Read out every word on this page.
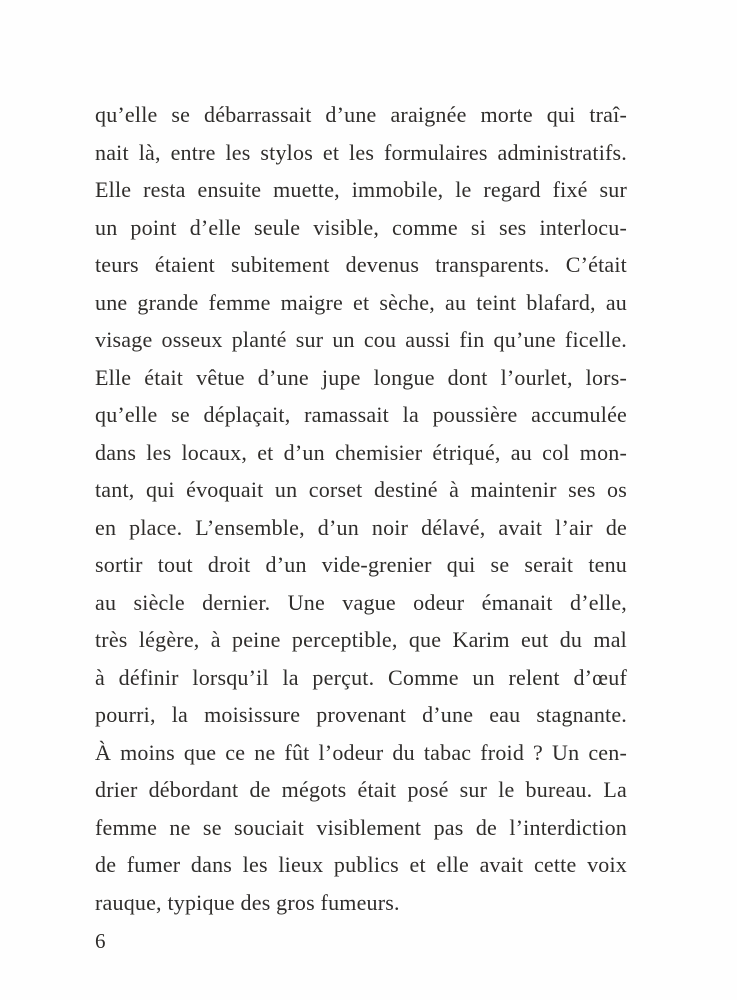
qu’elle se débarrassait d’une araignée morte qui traî-
nait là, entre les stylos et les formulaires administratifs.
Elle resta ensuite muette, immobile, le regard fixé sur
un point d’elle seule visible, comme si ses interlocu-
teurs étaient subitement devenus transparents. C’était
une grande femme maigre et sèche, au teint blafard, au
visage osseux planté sur un cou aussi fin qu’une ficelle.
Elle était vêtue d’une jupe longue dont l’ourlet, lors-
qu’elle se déplaçait, ramassait la poussière accumulée
dans les locaux, et d’un chemisier étriqué, au col mon-
tant, qui évoquait un corset destiné à maintenir ses os
en place. L’ensemble, d’un noir délavé, avait l’air de
sortir tout droit d’un vide-grenier qui se serait tenu
au siècle dernier. Une vague odeur émanait d’elle,
très légère, à peine perceptible, que Karim eut du mal
à définir lorsqu’il la perçut. Comme un relent d’œuf
pourri, la moisissure provenant d’une eau stagnante.
À moins que ce ne fût l’odeur du tabac froid ? Un cen-
drier débordant de mégots était posé sur le bureau. La
femme ne se souciait visiblement pas de l’interdiction
de fumer dans les lieux publics et elle avait cette voix
rauque, typique des gros fumeurs.
6
